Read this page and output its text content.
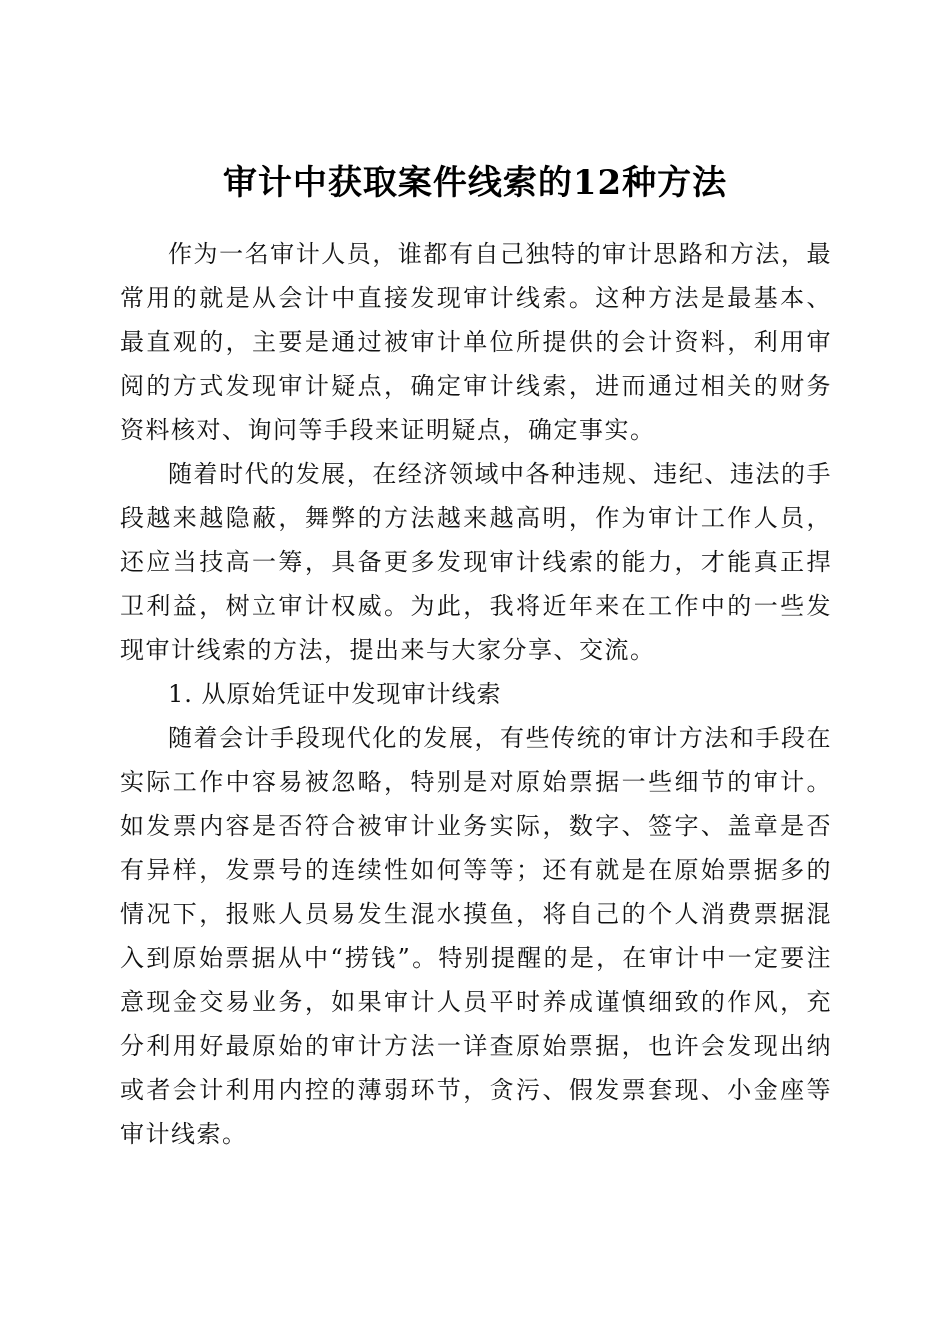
审计中获取案件线索的12种方法

作为一名审计人员，谁都有自己独特的审计思路和方法，最常用的就是从会计中直接发现审计线索。这种方法是最基本、最直观的，主要是通过被审计单位所提供的会计资料，利用审阅的方式发现审计疑点，确定审计线索，进而通过相关的财务资料核对、询问等手段来证明疑点，确定事实。

随着时代的发展，在经济领域中各种违规、违纪、违法的手段越来越隐蔽，舞弊的方法越来越高明，作为审计工作人员，还应当技高一筹，具备更多发现审计线索的能力，才能真正捍卫利益，树立审计权威。为此，我将近年来在工作中的一些发现审计线索的方法，提出来与大家分享、交流。

1. 从原始凭证中发现审计线索

随着会计手段现代化的发展，有些传统的审计方法和手段在实际工作中容易被忽略，特别是对原始票据一些细节的审计。如发票内容是否符合被审计业务实际，数字、签字、盖章是否有异样，发票号的连续性如何等等；还有就是在原始票据多的情况下，报账人员易发生混水摸鱼，将自己的个人消费票据混入到原始票据从中“捞钱”。特别提醒的是，在审计中一定要注意现金交易业务，如果审计人员平时养成谨慎细致的作风，充分利用好最原始的审计方法一详查原始票据，也许会发现出纳或者会计利用内控的薄弱环节，贪污、假发票套现、小金座等审计线索。
